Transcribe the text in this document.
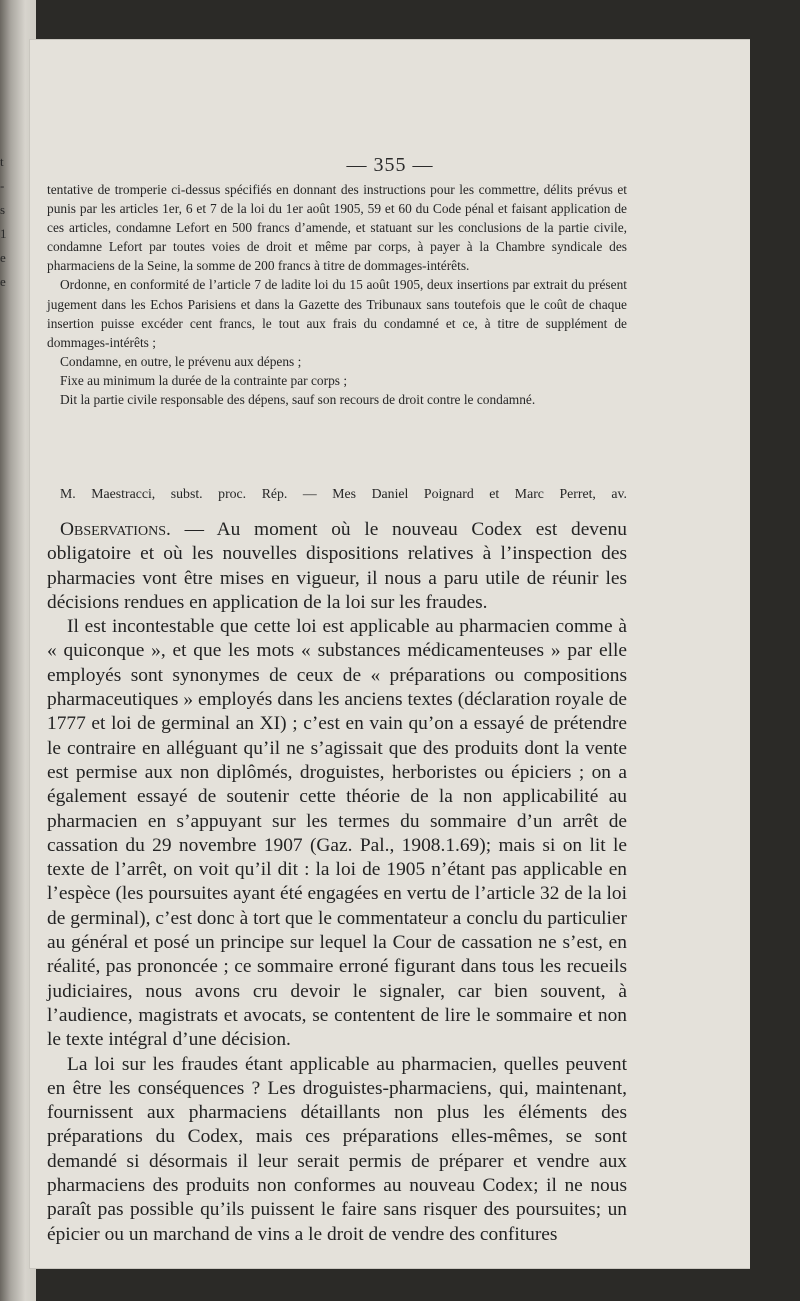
t
-
s
1
e
e
— 355 —

tentative de tromperie ci-dessus spécifiés en donnant des instructions pour les commettre, délits prévus et punis par les articles 1er, 6 et 7 de la loi du 1er août 1905, 59 et 60 du Code pénal et faisant application de ces articles, condamne Lefort en 500 francs d’amende, et statuant sur les conclusions de la partie civile, condamne Lefort par toutes voies de droit et même par corps, à payer à la Chambre syndicale des pharmaciens de la Seine, la somme de 200 francs à titre de dommages-intérêts.

Ordonne, en conformité de l’article 7 de ladite loi du 15 août 1905, deux insertions par extrait du présent jugement dans les Echos Parisiens et dans la Gazette des Tribunaux sans toutefois que le coût de chaque insertion puisse excéder cent francs, le tout aux frais du condamné et ce, à titre de supplément de dommages-intérêts ;

Condamne, en outre, le prévenu aux dépens ;

Fixe au minimum la durée de la contrainte par corps ;

Dit la partie civile responsable des dépens, sauf son recours de droit contre le condamné.

M. Maestracci, subst. proc. Rép. — Mes Daniel Poignard et Marc Perret, av.

Observations. — Au moment où le nouveau Codex est devenu obligatoire et où les nouvelles dispositions relatives à l’inspection des pharmacies vont être mises en vigueur, il nous a paru utile de réunir les décisions rendues en application de la loi sur les fraudes.

Il est incontestable que cette loi est applicable au pharmacien comme à « quiconque », et que les mots « substances médicamenteuses » par elle employés sont synonymes de ceux de « préparations ou compositions pharmaceutiques » employés dans les anciens textes (déclaration royale de 1777 et loi de germinal an XI) ; c’est en vain qu’on a essayé de prétendre le contraire en alléguant qu’il ne s’agissait que des produits dont la vente est permise aux non diplômés, droguistes, herboristes ou épiciers ; on a également essayé de soutenir cette théorie de la non applicabilité au pharmacien en s’appuyant sur les termes du sommaire d’un arrêt de cassation du 29 novembre 1907 (Gaz. Pal., 1908.1.69); mais si on lit le texte de l’arrêt, on voit qu’il dit : la loi de 1905 n’étant pas applicable en l’espèce (les poursuites ayant été engagées en vertu de l’article 32 de la loi de germinal), c’est donc à tort que le commentateur a conclu du particulier au général et posé un principe sur lequel la Cour de cassation ne s’est, en réalité, pas prononcée ; ce sommaire erroné figurant dans tous les recueils judiciaires, nous avons cru devoir le signaler, car bien souvent, à l’audience, magistrats et avocats, se contentent de lire le sommaire et non le texte intégral d’une décision.

La loi sur les fraudes étant applicable au pharmacien, quelles peuvent en être les conséquences ? Les droguistes-pharmaciens, qui, maintenant, fournissent aux pharmaciens détaillants non plus les éléments des préparations du Codex, mais ces préparations elles-mêmes, se sont demandé si désormais il leur serait permis de préparer et vendre aux pharmaciens des produits non conformes au nouveau Codex; il ne nous paraît pas possible qu’ils puissent le faire sans risquer des poursuites; un épicier ou un marchand de vins a le droit de vendre des confitures
